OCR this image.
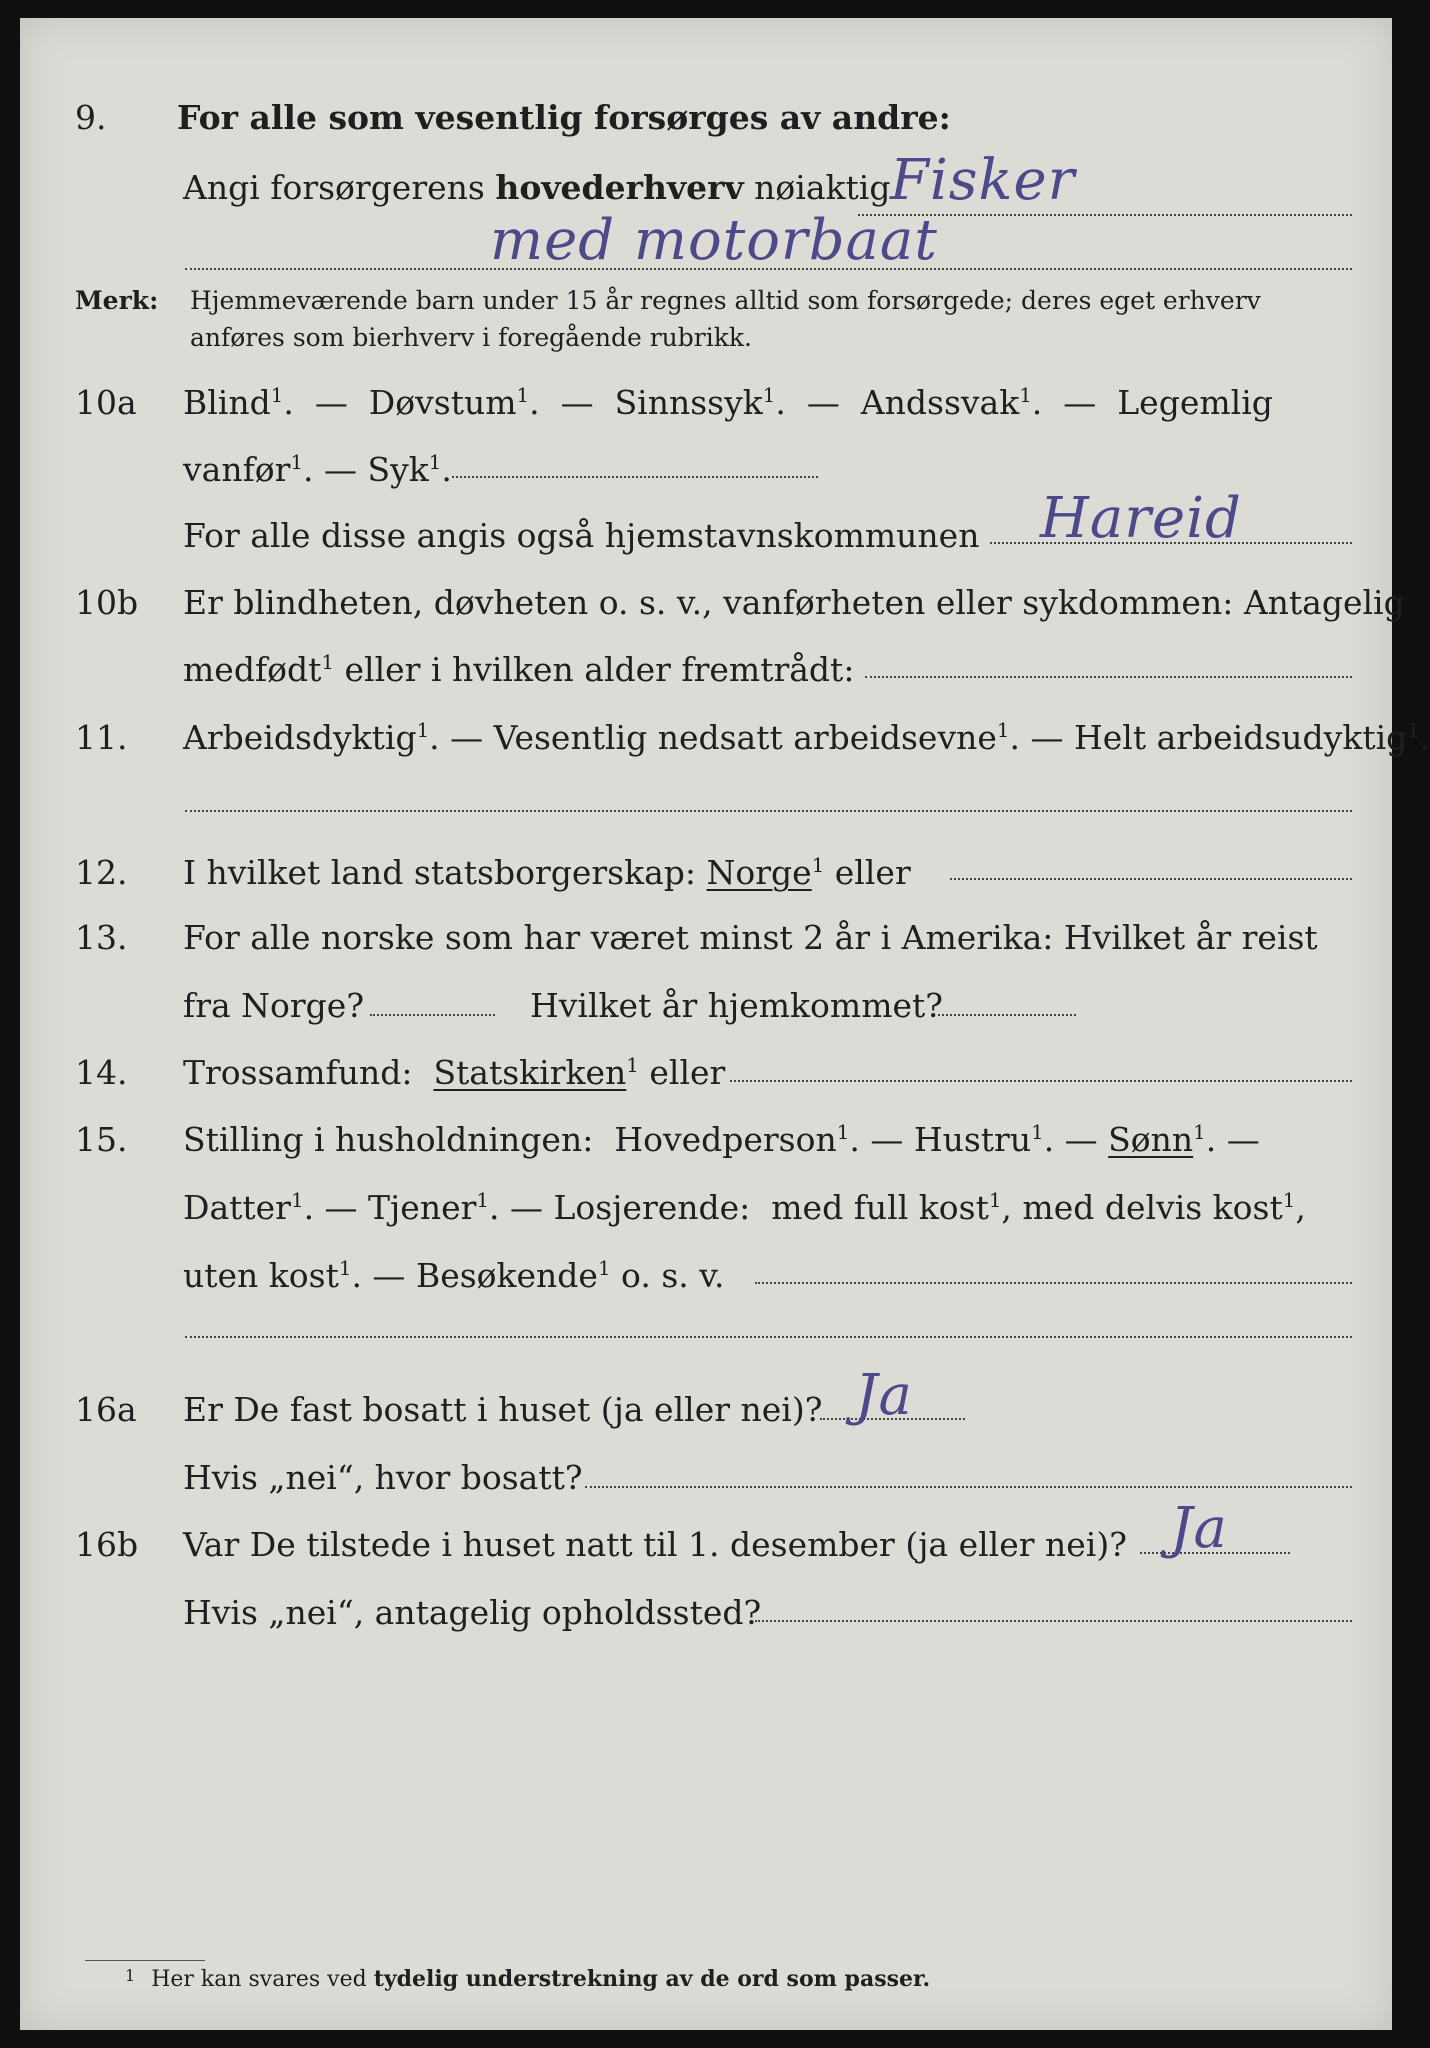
9. For alle som vesentlig forsørges av andre:
Angi forsørgerens hovederhverv nøiaktig Fisker
med motorbaat
Merk: Hjemmeværende barn under 15 år regnes alltid som forsørgede; deres eget erhverv
anføres som bierhverv i foregående rubrikk.
10a Blind$^1$.  —  Døvstum$^1$.  —  Sinnssyk$^1$.  —  Andssvak$^1$.  —  Legemlig
vanfør$^1$. — Syk$^1$.
For alle disse angis også hjemstavnskommunen Hareid
10b Er blindheten, døvheten o. s. v., vanførheten eller sykdommen: Antagelig
medfødt$^1$ eller i hvilken alder fremtrådt:
11. Arbeidsdyktig$^1$. — Vesentlig nedsatt arbeidsevne$^1$. — Helt arbeidsudyktig$^1$.
12. I hvilket land statsborgerskap: Norge$^1$ eller
13. For alle norske som har været minst 2 år i Amerika: Hvilket år reist
fra Norge?	Hvilket år hjemkommet?
14. Trossamfund: Statskirken$^1$ eller
15. Stilling i husholdningen: Hovedperson$^1$. — Hustru$^1$. — Sønn$^1$. —
Datter$^1$. — Tjener$^1$. — Losjerende: med full kost$^1$, med delvis kost$^1$,
uten kost$^1$. — Besøkende$^1$ o. s. v.
16a Er De fast bosatt i huset (ja eller nei)? Ja
Hvis „nei“, hvor bosatt?
16b Var De tilstede i huset natt til 1. desember (ja eller nei)? Ja
Hvis „nei“, antagelig opholdssted?
$^1$ Her kan svares ved tydelig understrekning av de ord som passer.
